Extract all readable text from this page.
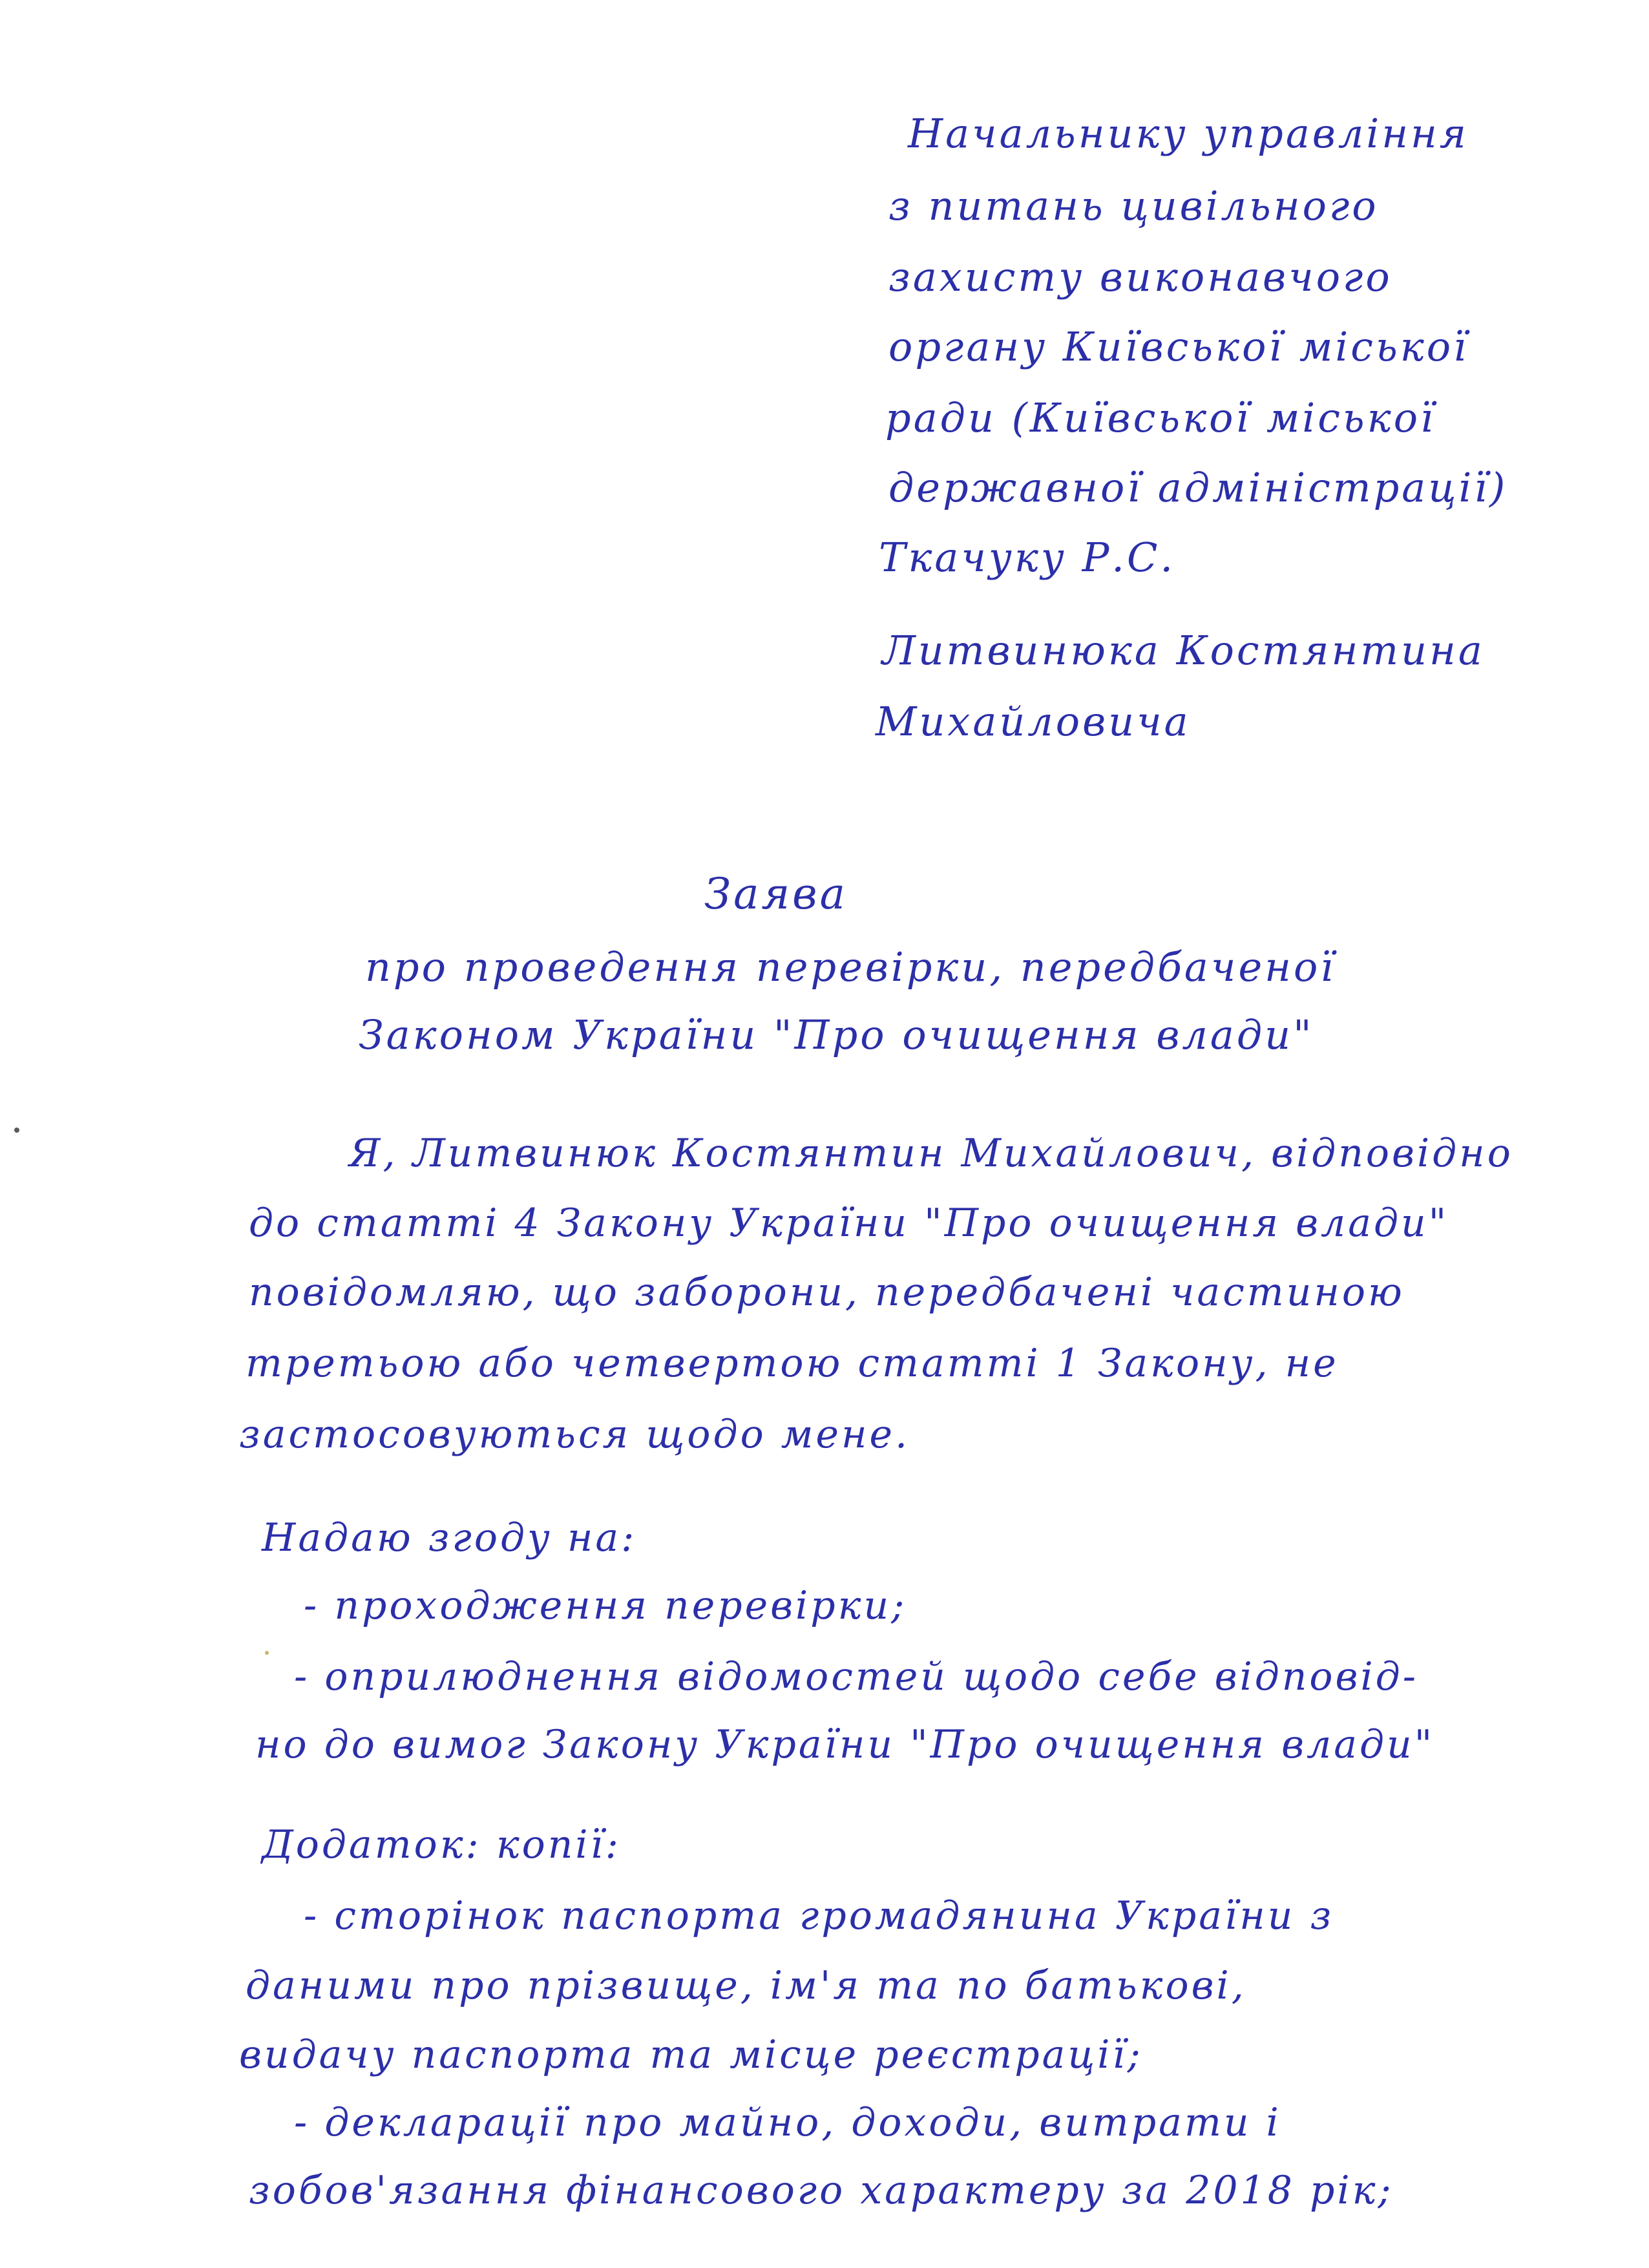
Начальнику управління
з питань цивільного
захисту виконавчого
органу Київської міської
ради (Київської міської
державної адміністрації)
Ткачуку Р.С.
Литвинюка Костянтина
Михайловича
Заява
про проведення перевірки, передбаченої
Законом України "Про очищення влади"
Я, Литвинюк Костянтин Михайлович, відповідно
до статті 4 Закону України "Про очищення влади"
повідомляю, що заборони, передбачені частиною
третьою або четвертою статті 1 Закону, не
застосовуються щодо мене.
Надаю згоду на:
- проходження перевірки;
- оприлюднення відомостей щодо себе відповід-
но до вимог Закону України "Про очищення влади"
Додаток: копії:
- сторінок паспорта громадянина України з
даними про прізвище, ім'я та по батькові,
видачу паспорта та місце реєстрації;
- декларації про майно, доходи, витрати і
зобов'язання фінансового характеру за 2018 рік;
